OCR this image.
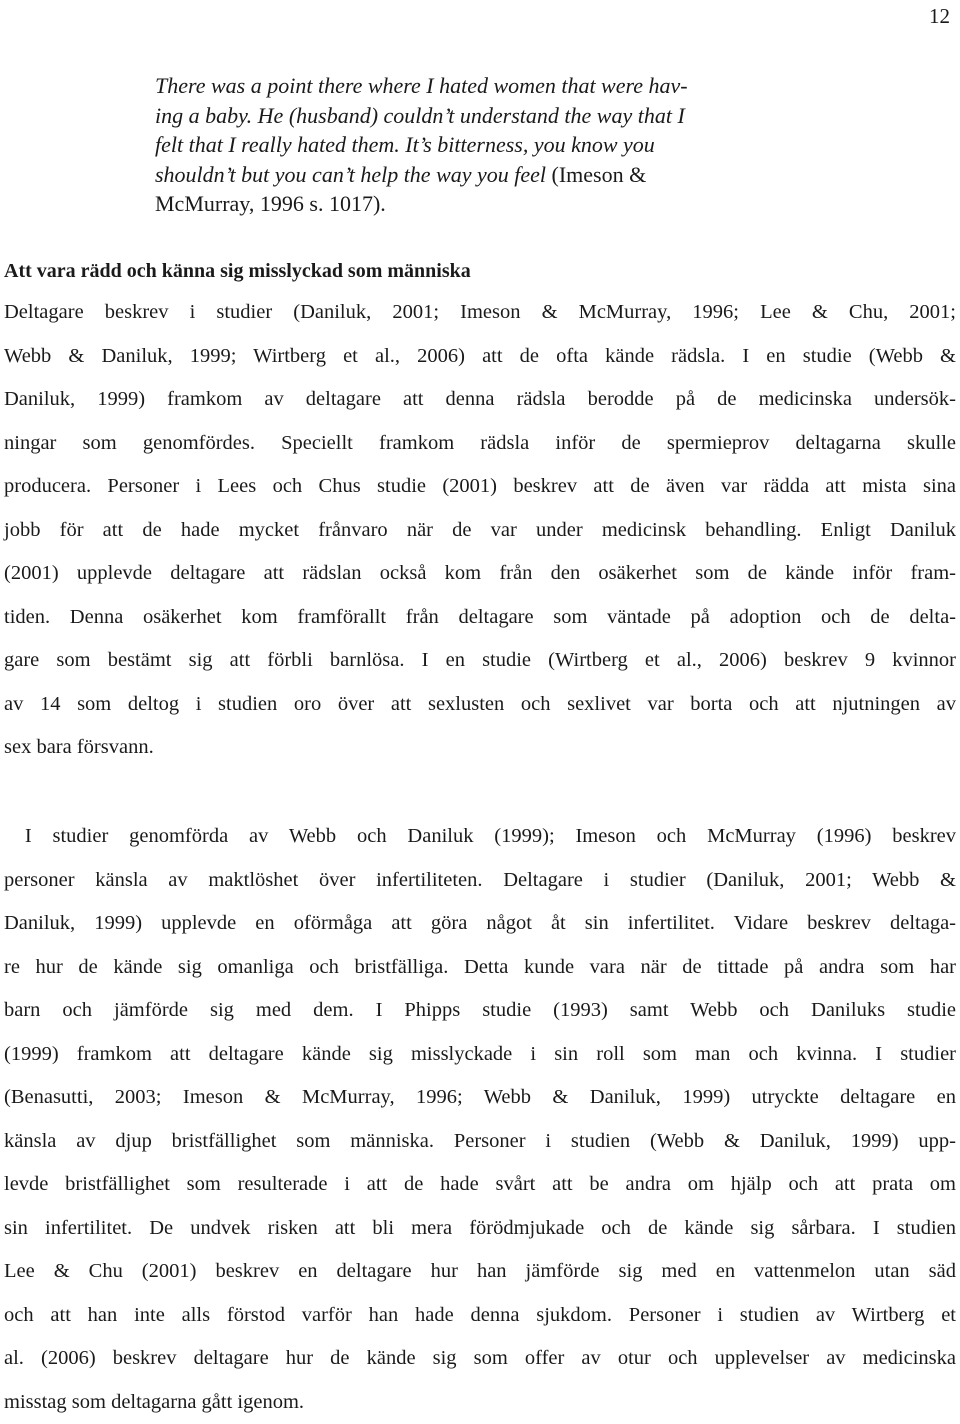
12
There was a point there where I hated women that were hav-
ing a baby. He (husband) couldn’t understand the way that I
felt that I really hated them. It’s bitterness, you know you
shouldn’t but you can’t help the way you feel (Imeson &
McMurray, 1996 s. 1017).
Att vara rädd och känna sig misslyckad som människa
Deltagare beskrev i studier (Daniluk, 2001; Imeson & McMurray, 1996; Lee & Chu, 2001;
Webb & Daniluk, 1999; Wirtberg et al., 2006) att de ofta kände rädsla. I en studie (Webb &
Daniluk, 1999) framkom av deltagare att denna rädsla berodde på de medicinska undersök-
ningar som genomfördes. Speciellt framkom rädsla inför de spermieprov deltagarna skulle
producera. Personer i Lees och Chus studie (2001) beskrev att de även var rädda att mista sina
jobb för att de hade mycket frånvaro när de var under medicinsk behandling. Enligt Daniluk
(2001) upplevde deltagare att rädslan också kom från den osäkerhet som de kände inför fram-
tiden. Denna osäkerhet kom framförallt från deltagare som väntade på adoption och de delta-
gare som bestämt sig att förbli barnlösa. I en studie (Wirtberg et al., 2006) beskrev 9 kvinnor
av 14 som deltog i studien oro över att sexlusten och sexlivet var borta och att njutningen av
sex bara försvann.
I studier genomförda av Webb och Daniluk (1999); Imeson och McMurray (1996) beskrev
personer känsla av maktlöshet över infertiliteten. Deltagare i studier (Daniluk, 2001; Webb &
Daniluk, 1999) upplevde en oförmåga att göra något åt sin infertilitet. Vidare beskrev deltaga-
re hur de kände sig omanliga och bristfälliga. Detta kunde vara när de tittade på andra som har
barn och jämförde sig med dem. I Phipps studie (1993) samt Webb och Daniluks studie
(1999) framkom att deltagare kände sig misslyckade i sin roll som man och kvinna. I studier
(Benasutti, 2003; Imeson & McMurray, 1996; Webb & Daniluk, 1999) utryckte deltagare en
känsla av djup bristfällighet som människa. Personer i studien (Webb & Daniluk, 1999) upp-
levde bristfällighet som resulterade i att de hade svårt att be andra om hjälp och att prata om
sin infertilitet. De undvek risken att bli mera förödmjukade och de kände sig sårbara. I studien
Lee & Chu (2001) beskrev en deltagare hur han jämförde sig med en vattenmelon utan säd
och att han inte alls förstod varför han hade denna sjukdom. Personer i studien av Wirtberg et
al. (2006) beskrev deltagare hur de kände sig som offer av otur och upplevelser av medicinska
misstag som deltagarna gått igenom.
